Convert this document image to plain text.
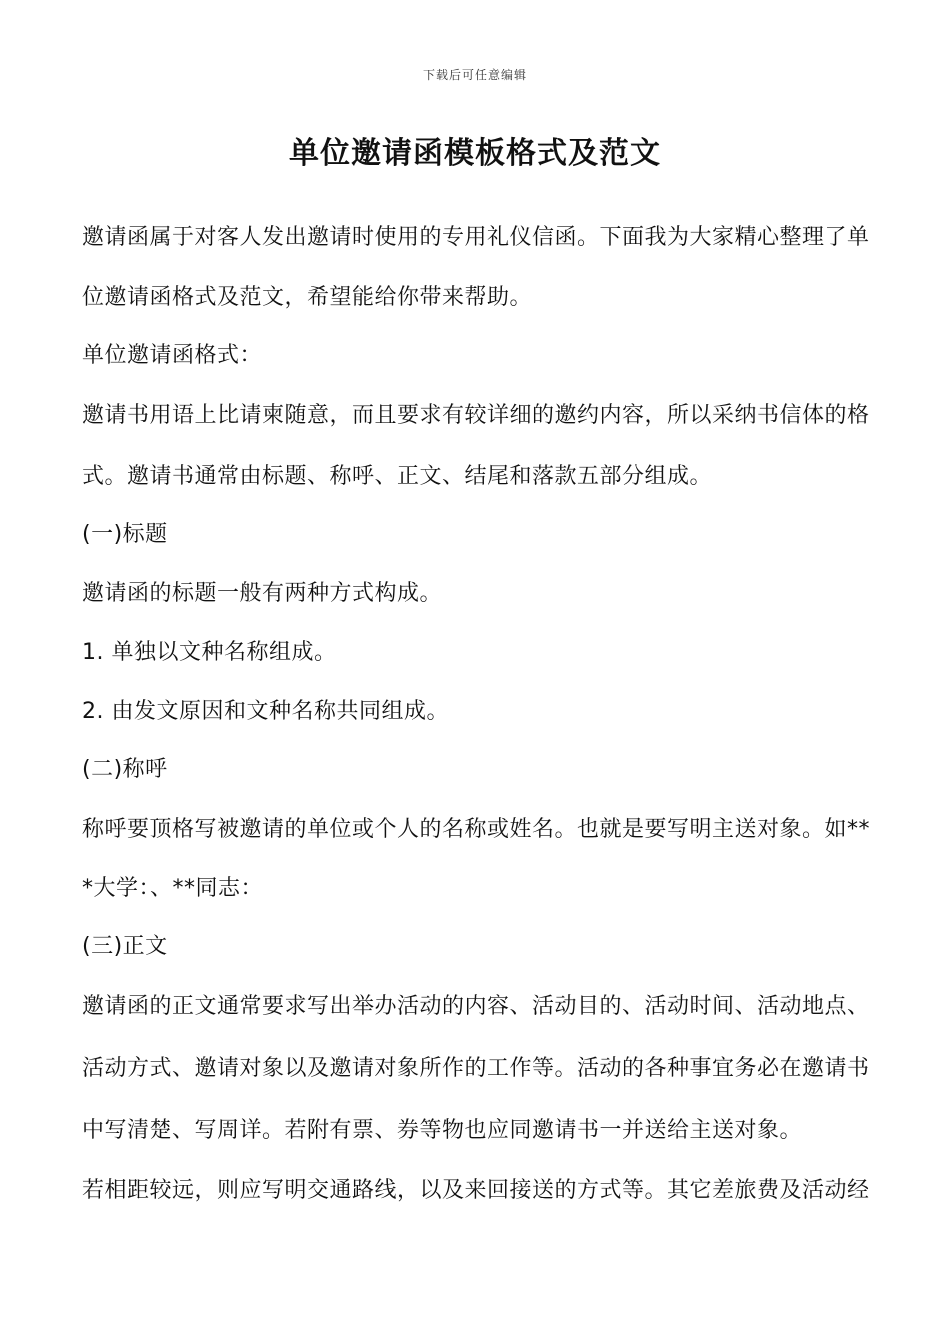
下载后可任意编辑
单位邀请函模板格式及范文
邀请函属于对客人发出邀请时使用的专用礼仪信函。下面我为大家精心整理了单
位邀请函格式及范文，希望能给你带来帮助。
单位邀请函格式：
邀请书用语上比请柬随意，而且要求有较详细的邀约内容，所以采纳书信体的格
式。邀请书通常由标题、称呼、正文、结尾和落款五部分组成。
(一)标题
邀请函的标题一般有两种方式构成。
1. 单独以文种名称组成。
2. 由发文原因和文种名称共同组成。
(二)称呼
称呼要顶格写被邀请的单位或个人的名称或姓名。也就是要写明主送对象。如**
*大学：、**同志：
(三)正文
邀请函的正文通常要求写出举办活动的内容、活动目的、活动时间、活动地点、
活动方式、邀请对象以及邀请对象所作的工作等。活动的各种事宜务必在邀请书
中写清楚、写周详。若附有票、券等物也应同邀请书一并送给主送对象。
若相距较远，则应写明交通路线，以及来回接送的方式等。其它差旅费及活动经
